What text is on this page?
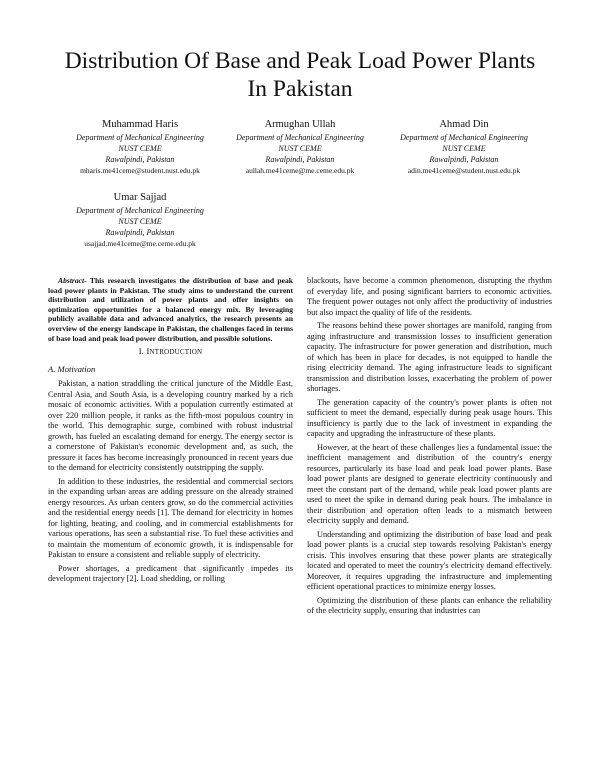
Distribution Of Base and Peak Load Power Plants
In Pakistan
Muhammad Haris
Department of Mechanical Engineering
NUST CEME
Rawalpindi, Pakistan
mharis.me41ceme@student.nust.edu.pk
Armughan Ullah
Department of Mechanical Engineering
NUST CEME
Rawalpindi, Pakistan
aullah.me41ceme@me.ceme.edu.pk
Ahmad Din
Department of Mechanical Engineering
NUST CEME
Rawalpindi, Pakistan
adin.me41ceme@student.nust.edu.pk
Umar Sajjad
Department of Mechanical Engineering
NUST CEME
Rawalpindi, Pakistan
usajjad.me41ceme@me.ceme.edu.pk

Abstract- This research investigates the distribution of base and peak load power plants in Pakistan. The study aims to understand the current distribution and utilization of power plants and offer insights on optimization opportunities for a balanced energy mix. By leveraging publicly available data and advanced analytics, the research presents an overview of the energy landscape in Pakistan, the challenges faced in terms of base load and peak load power distribution, and possible solutions.

I. INTRODUCTION
A. Motivation

Pakistan, a nation straddling the critical juncture of the Middle East, Central Asia, and South Asia, is a developing country marked by a rich mosaic of economic activities. With a population currently estimated at over 220 million people, it ranks as the fifth-most populous country in the world. This demographic surge, combined with robust industrial growth, has fueled an escalating demand for energy. The energy sector is a cornerstone of Pakistan's economic development and, as such, the pressure it faces has become increasingly pronounced in recent years due to the demand for electricity consistently outstripping the supply.

In addition to these industries, the residential and commercial sectors in the expanding urban areas are adding pressure on the already strained energy resources. As urban centers grow, so do the commercial activities and the residential energy needs [1]. The demand for electricity in homes for lighting, heating, and cooling, and in commercial establishments for various operations, has seen a substantial rise. To fuel these activities and to maintain the momentum of economic growth, it is indispensable for Pakistan to ensure a consistent and reliable supply of electricity.

Power shortages, a predicament that significantly impedes its development trajectory [2]. Load shedding, or rolling

blackouts, have become a common phenomenon, disrupting the rhythm of everyday life, and posing significant barriers to economic activities. The frequent power outages not only affect the productivity of industries but also impact the quality of life of the residents.

The reasons behind these power shortages are manifold, ranging from aging infrastructure and transmission losses to insufficient generation capacity. The infrastructure for power generation and distribution, much of which has been in place for decades, is not equipped to handle the rising electricity demand. The aging infrastructure leads to significant transmission and distribution losses, exacerbating the problem of power shortages.

The generation capacity of the country's power plants is often not sufficient to meet the demand, especially during peak usage hours. This insufficiency is partly due to the lack of investment in expanding the capacity and upgrading the infrastructure of these plants.

However, at the heart of these challenges lies a fundamental issue: the inefficient management and distribution of the country's energy resources, particularly its base load and peak load power plants. Base load power plants are designed to generate electricity continuously and meet the constant part of the demand, while peak load power plants are used to meet the spike in demand during peak hours. The imbalance in their distribution and operation often leads to a mismatch between electricity supply and demand.

Understanding and optimizing the distribution of base load and peak load power plants is a crucial step towards resolving Pakistan's energy crisis. This involves ensuring that these power plants are strategically located and operated to meet the country's electricity demand effectively. Moreover, it requires upgrading the infrastructure and implementing efficient operational practices to minimize energy losses.

Optimizing the distribution of these plants can enhance the reliability of the electricity supply, ensuring that industries can
